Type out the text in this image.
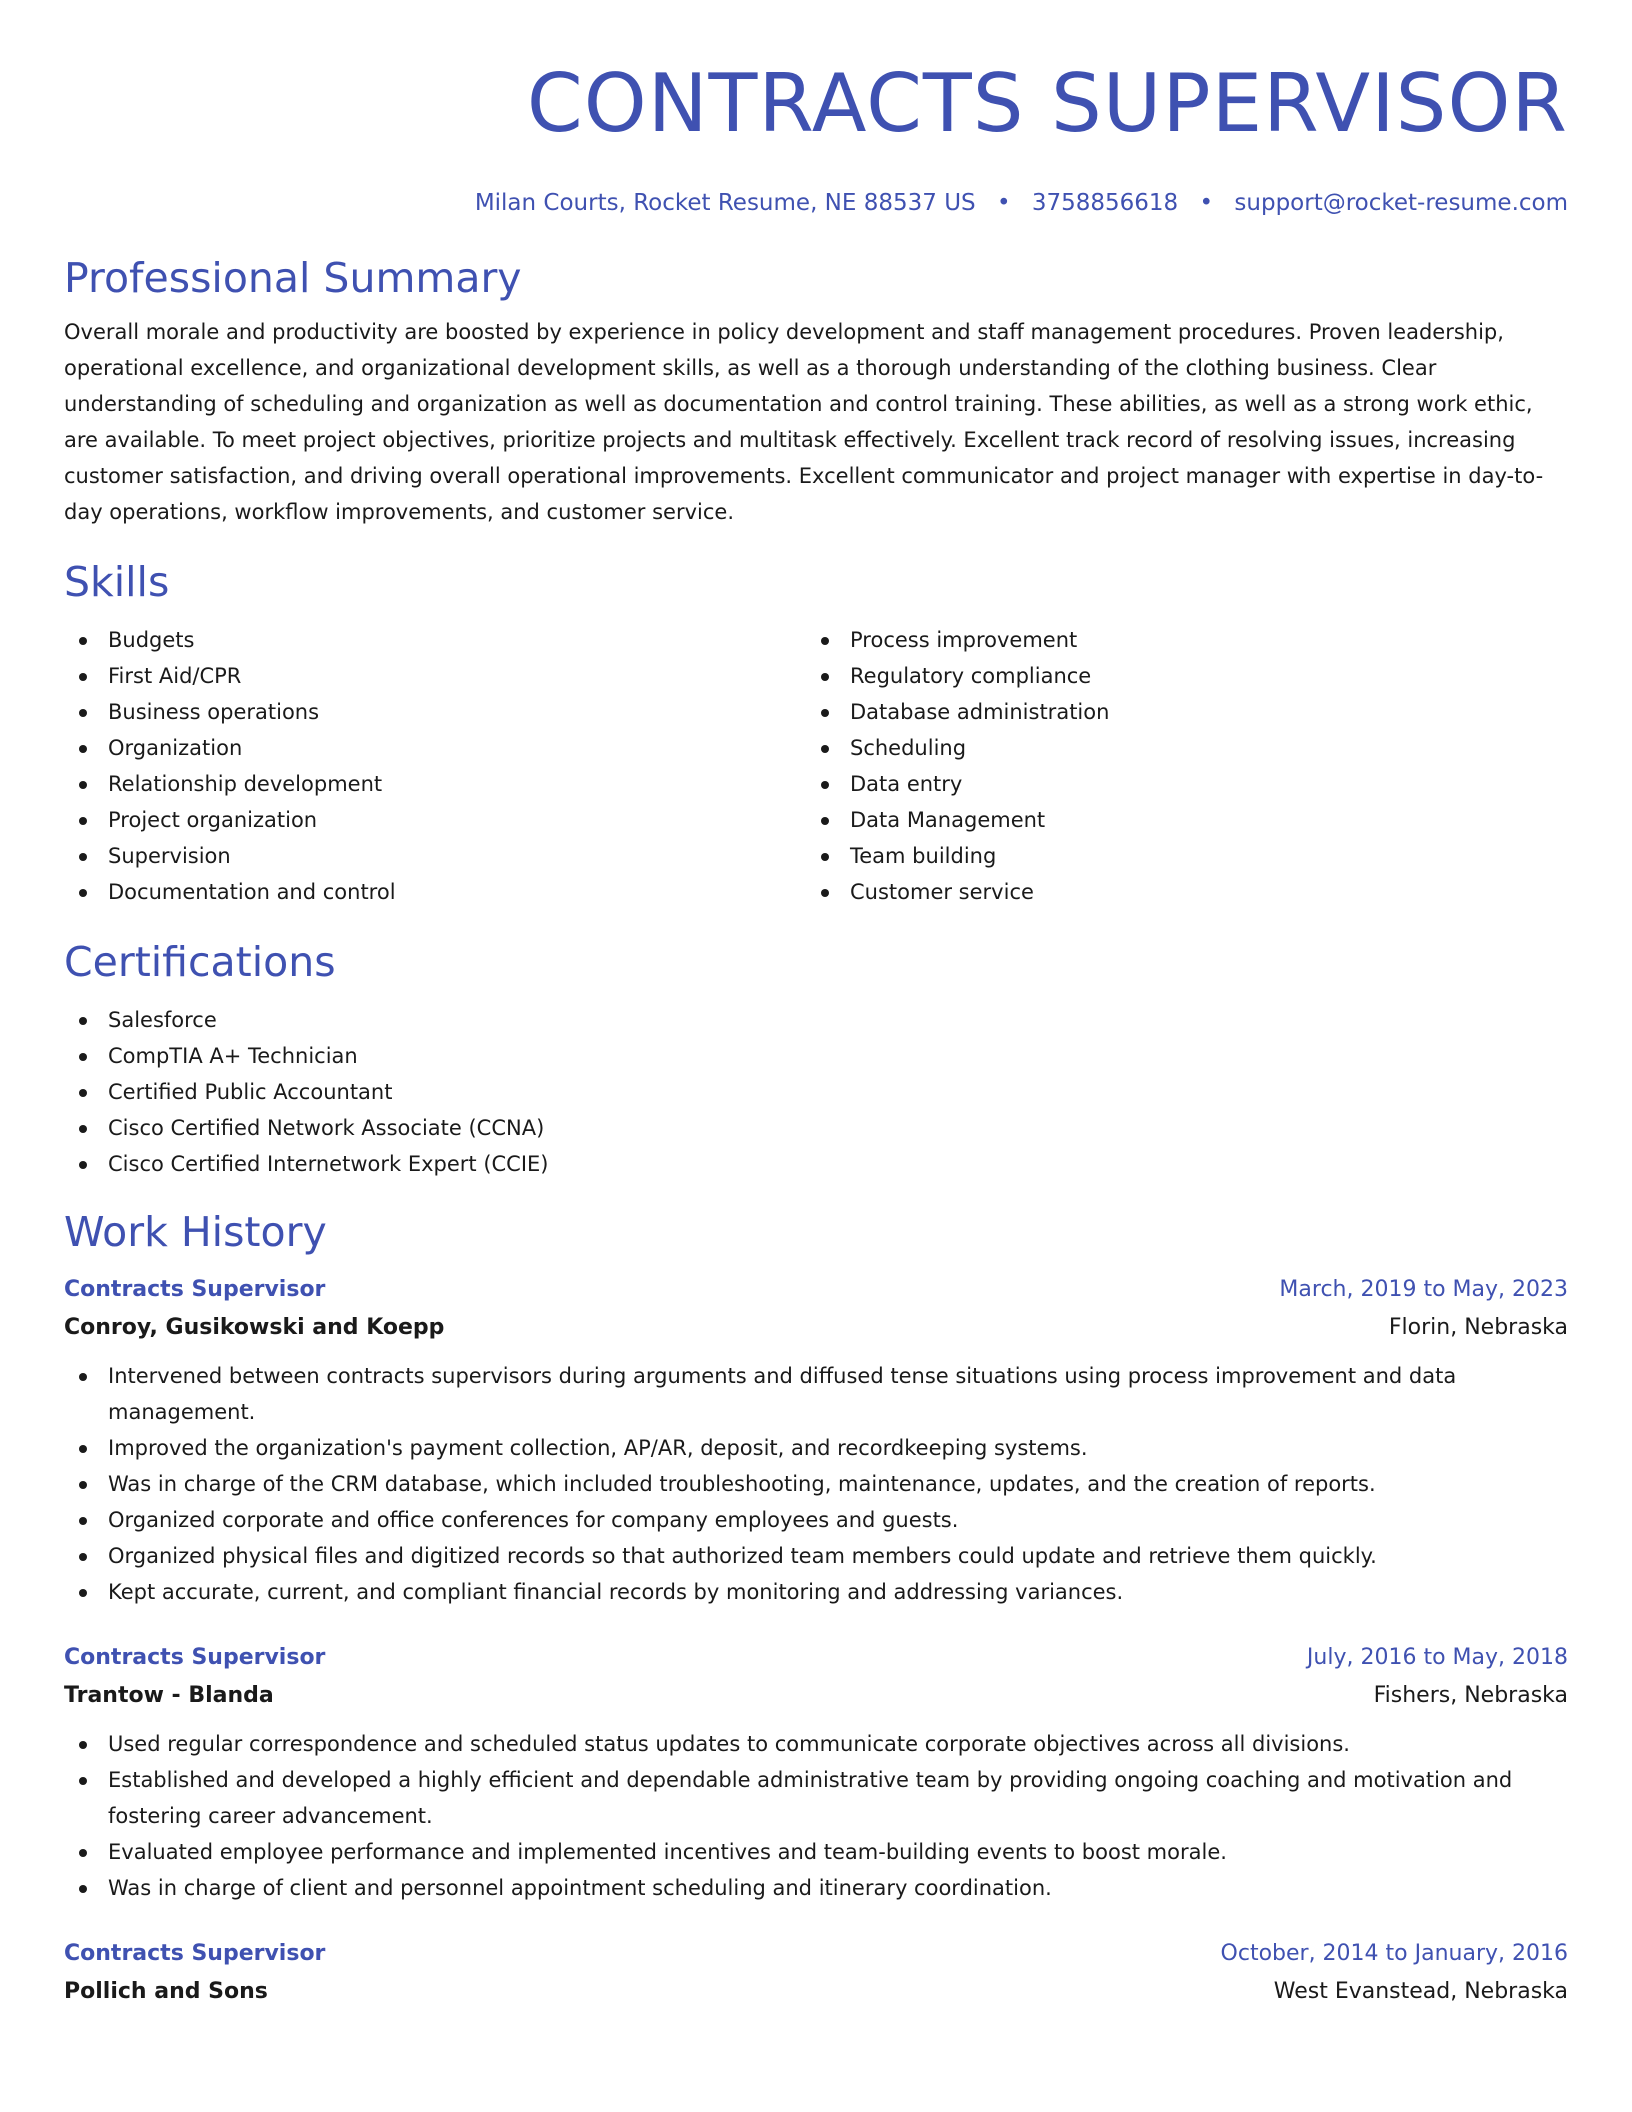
CONTRACTS SUPERVISOR
Milan Courts, Rocket Resume, NE 88537 US • 3758856618 • support@rocket-resume.com
Professional Summary
Overall morale and productivity are boosted by experience in policy development and staff management procedures. Proven leadership, operational excellence, and organizational development skills, as well as a thorough understanding of the clothing business. Clear understanding of scheduling and organization as well as documentation and control training. These abilities, as well as a strong work ethic, are available. To meet project objectives, prioritize projects and multitask effectively. Excellent track record of resolving issues, increasing customer satisfaction, and driving overall operational improvements. Excellent communicator and project manager with expertise in day-to-day operations, workflow improvements, and customer service.
Skills
Budgets
First Aid/CPR
Business operations
Organization
Relationship development
Project organization
Supervision
Documentation and control
Process improvement
Regulatory compliance
Database administration
Scheduling
Data entry
Data Management
Team building
Customer service
Certifications
Salesforce
CompTIA A+ Technician
Certified Public Accountant
Cisco Certified Network Associate (CCNA)
Cisco Certified Internetwork Expert (CCIE)
Work History
Contracts Supervisor	March, 2019 to May, 2023
Conroy, Gusikowski and Koepp	Florin, Nebraska
Intervened between contracts supervisors during arguments and diffused tense situations using process improvement and data management.
Improved the organization's payment collection, AP/AR, deposit, and recordkeeping systems.
Was in charge of the CRM database, which included troubleshooting, maintenance, updates, and the creation of reports.
Organized corporate and office conferences for company employees and guests.
Organized physical files and digitized records so that authorized team members could update and retrieve them quickly.
Kept accurate, current, and compliant financial records by monitoring and addressing variances.
Contracts Supervisor	July, 2016 to May, 2018
Trantow - Blanda	Fishers, Nebraska
Used regular correspondence and scheduled status updates to communicate corporate objectives across all divisions.
Established and developed a highly efficient and dependable administrative team by providing ongoing coaching and motivation and fostering career advancement.
Evaluated employee performance and implemented incentives and team-building events to boost morale.
Was in charge of client and personnel appointment scheduling and itinerary coordination.
Contracts Supervisor	October, 2014 to January, 2016
Pollich and Sons	West Evanstead, Nebraska
